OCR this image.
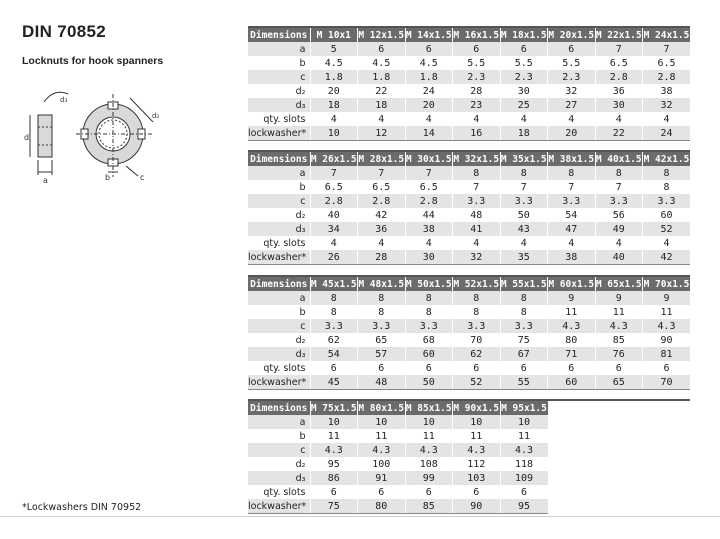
DIN 70852
Locknuts for hook spanners
d
a
d₃
d₂
b	c
Dimensions	M 10x1	M 12x1.5	M 14x1.5	M 16x1.5	M 18x1.5	M 20x1.5	M 22x1.5	M 24x1.5
a	5	6	6	6	6	6	7	7
b	4.5	4.5	4.5	5.5	5.5	5.5	6.5	6.5
c	1.8	1.8	1.8	2.3	2.3	2.3	2.8	2.8
d₂	20	22	24	28	30	32	36	38
d₃	18	18	20	23	25	27	30	32
qty. slots	4	4	4	4	4	4	4	4
lockwasher*	10	12	14	16	18	20	22	24
Dimensions	M 26x1.5	M 28x1.5	M 30x1.5	M 32x1.5	M 35x1.5	M 38x1.5	M 40x1.5	M 42x1.5
a	7	7	7	8	8	8	8	8
b	6.5	6.5	6.5	7	7	7	7	8
c	2.8	2.8	2.8	3.3	3.3	3.3	3.3	3.3
d₂	40	42	44	48	50	54	56	60
d₃	34	36	38	41	43	47	49	52
qty. slots	4	4	4	4	4	4	4	4
lockwasher*	26	28	30	32	35	38	40	42
Dimensions	M 45x1.5	M 48x1.5	M 50x1.5	M 52x1.5	M 55x1.5	M 60x1.5	M 65x1.5	M 70x1.5
a	8	8	8	8	8	9	9	9
b	8	8	8	8	8	11	11	11
c	3.3	3.3	3.3	3.3	3.3	4.3	4.3	4.3
d₂	62	65	68	70	75	80	85	90
d₃	54	57	60	62	67	71	76	81
qty. slots	6	6	6	6	6	6	6	6
lockwasher*	45	48	50	52	55	60	65	70
Dimensions	M 75x1.5	M 80x1.5	M 85x1.5	M 90x1.5	M 95x1.5
a	10	10	10	10	10
b	11	11	11	11	11
c	4.3	4.3	4.3	4.3	4.3
d₂	95	100	108	112	118
d₃	86	91	99	103	109
qty. slots	6	6	6	6	6
lockwasher*	75	80	85	90	95
*Lockwashers DIN 70952
